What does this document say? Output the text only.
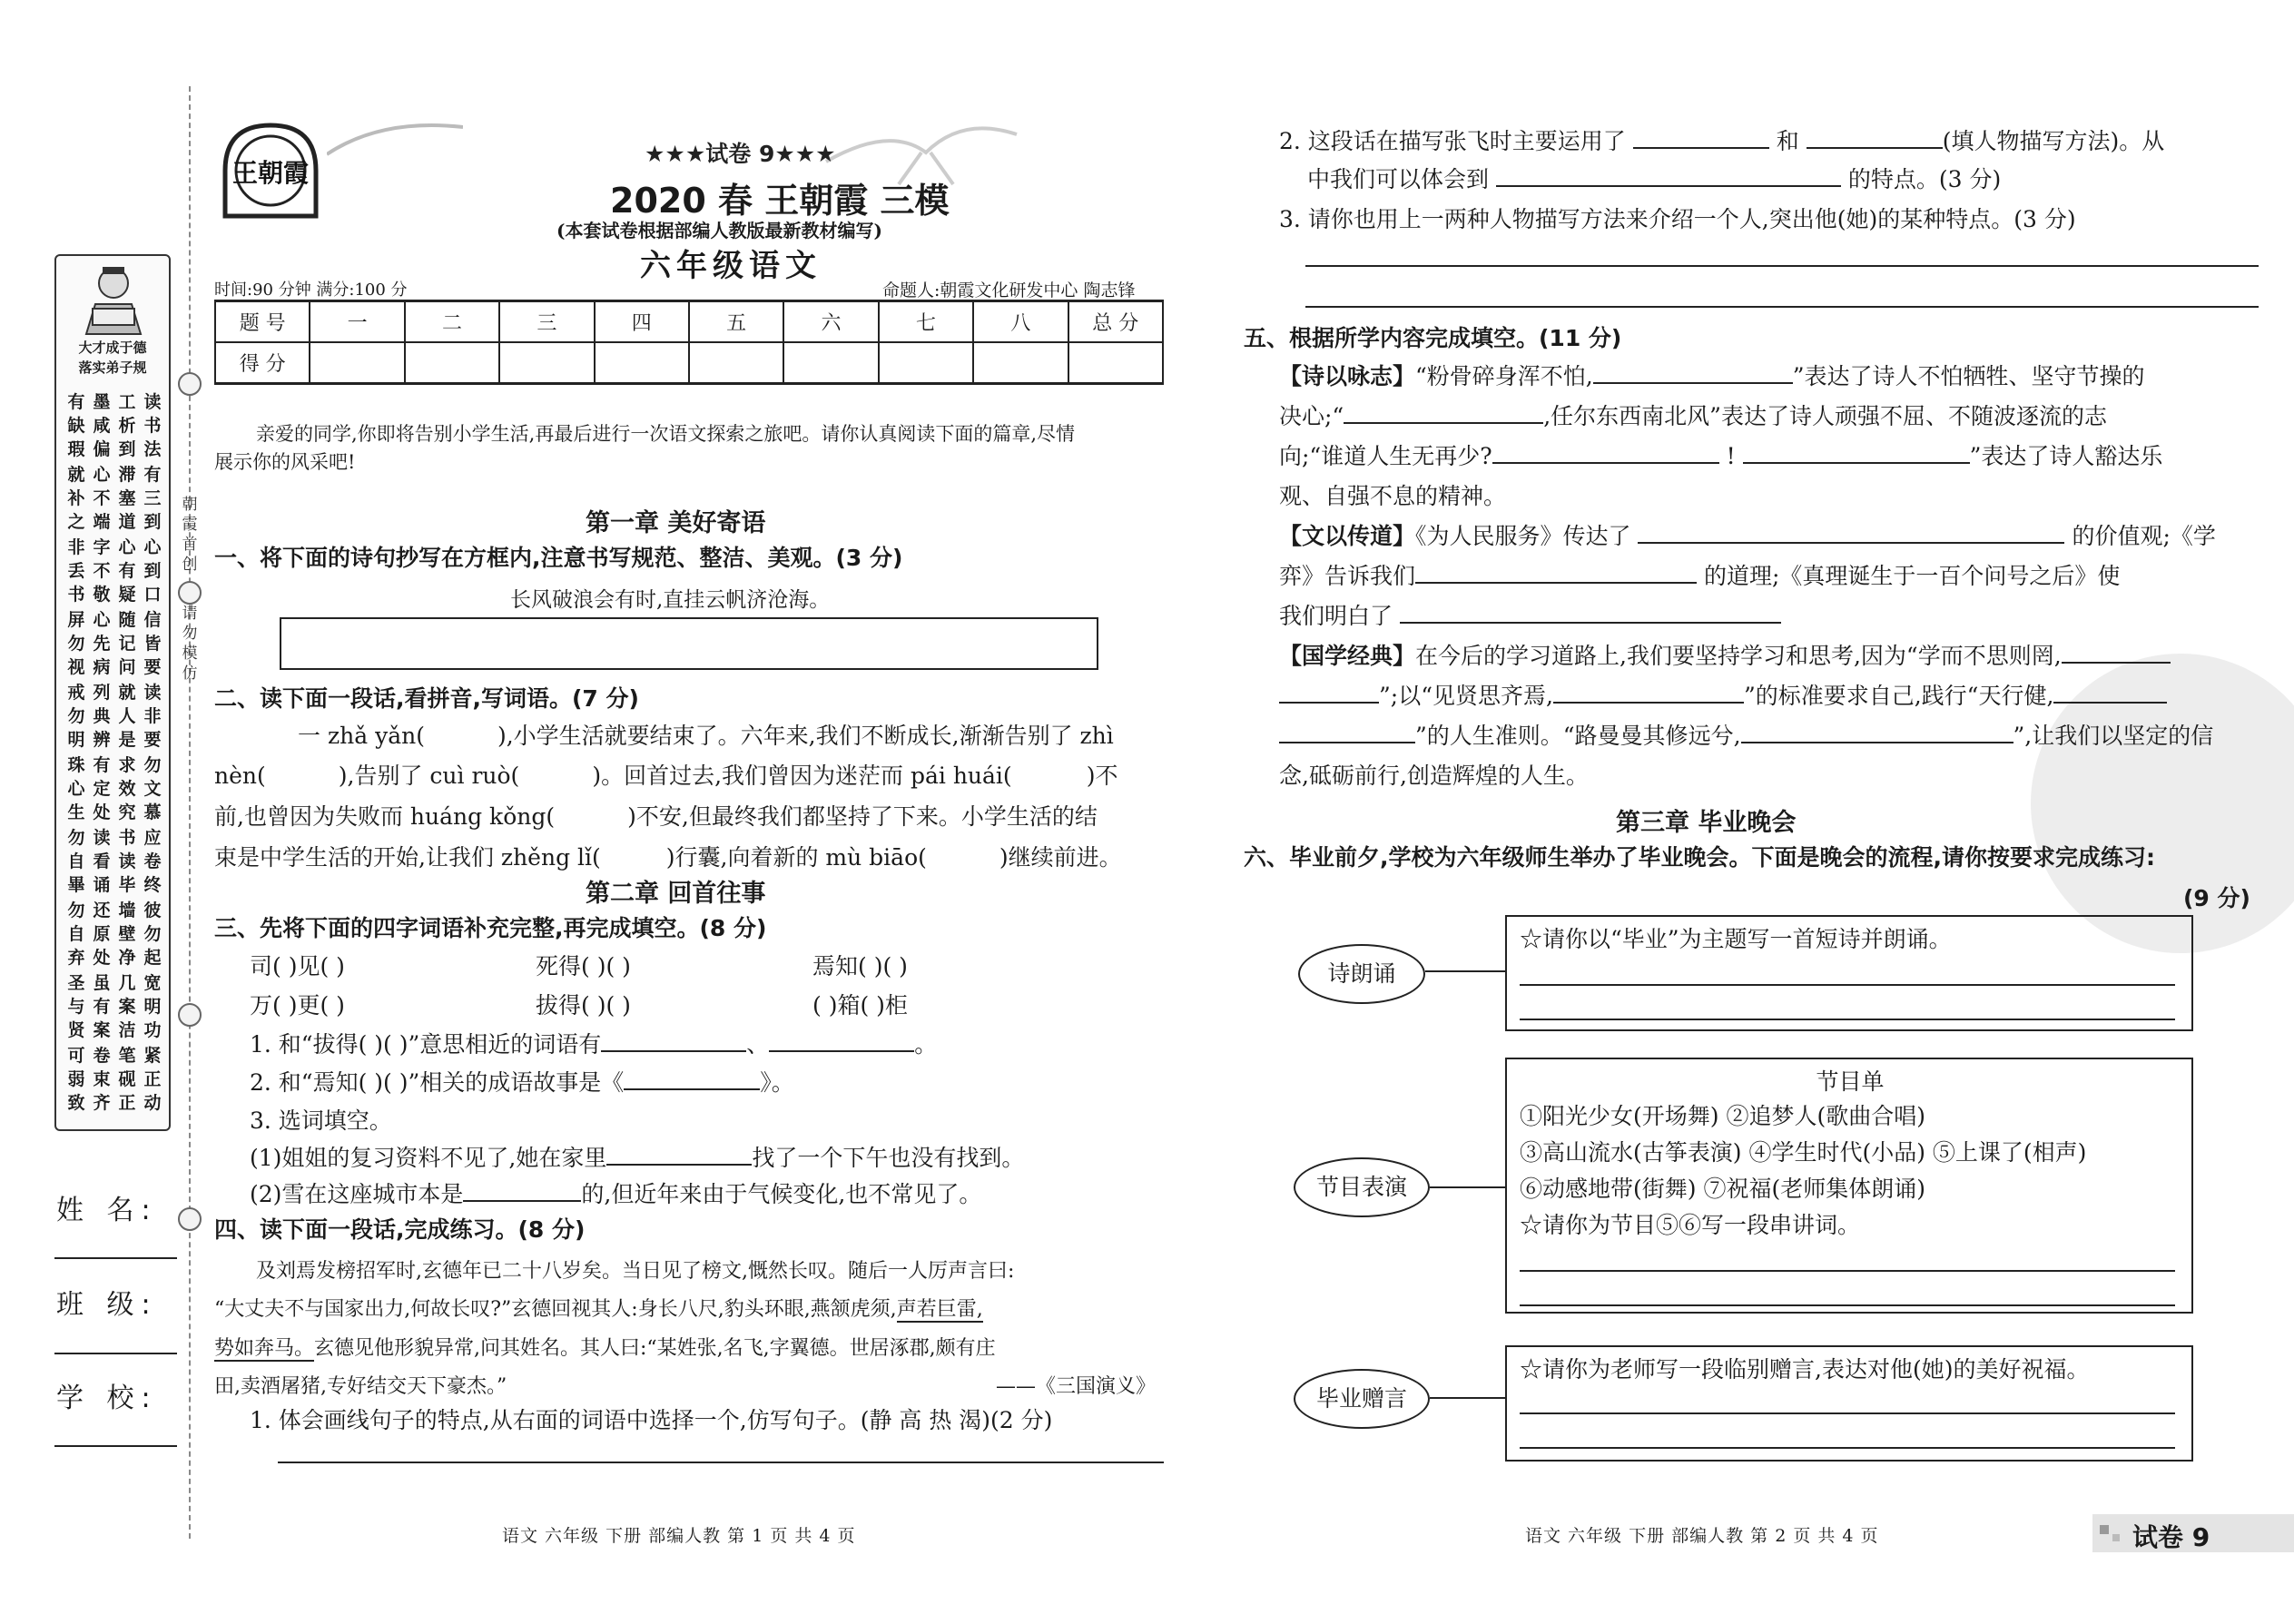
朝霞首创
请勿模仿
大才成于德
落实弟子规
有
缺
瑕
墨
咸
偏
工
析
到
读
书
法
就
补
之
心
不
端
滞
塞
道
有
三
到
非
丢
书
字
不
敬
心
有
疑
心
到
口
屏
勿
视
心
先
病
随
记
问
信
皆
要
戒
勿
明
列
典
辨
就
人
是
读
非
要
珠
心
生
有
定
处
求
效
究
勿
文
慕
勿
自
畢
读
看
诵
书
读
毕
应
卷
终
勿
自
弃
还
原
处
墙
壁
净
彼
勿
起
圣
与
贤
虽
有
案
几
案
洁
宽
明
功
可
弱
致
卷
束
齐
笔
砚
正
紧
正
动
姓 名:
班 级:
学 校:
王朝霞
★★★试卷 9★★★
2020 春 王朝霞 三模
(本套试卷根据部编人教版最新教材编写)
六年级语文
时间:90 分钟 满分:100 分	命题人:朝霞文化研发中心 陶志锋
题 号	一	二	三	四	五	六	七	八	总 分
得 分									
亲爱的同学,你即将告别小学生活,再最后进行一次语文探索之旅吧。请你认真阅读下面的篇章,尽情
展示你的风采吧!
第一章 美好寄语
一、将下面的诗句抄写在方框内,注意书写规范、整洁、美观。(3 分)
长风破浪会有时,直挂云帆济沧海。
二、读下面一段话,看拼音,写词语。(7 分)
一 zhǎ yǎn(	),小学生活就要结束了。六年来,我们不断成长,渐渐告别了 zhì
nèn(	),告别了 cuì ruò(	)。回首过去,我们曾因为迷茫而 pái huái(	)不
前,也曾因为失败而 huáng kǒng(	)不安,但最终我们都坚持了下来。小学生活的结
束是中学生活的开始,让我们 zhěng lǐ(	)行囊,向着新的 mù biāo(	)继续前进。
第二章 回首往事
三、先将下面的四字词语补充完整,再完成填空。(8 分)
司( )见( )	死得( )( )	焉知( )( )
万( )更( )	拔得( )( )	( )箱( )柜
1. 和“拔得( )( )”意思相近的词语有	、	。
2. 和“焉知( )( )”相关的成语故事是《	》。
3. 选词填空。
(1)姐姐的复习资料不见了,她在家里	找了一个下午也没有找到。
(2)雪在这座城市本是	的,但近年来由于气候变化,也不常见了。
四、读下面一段话,完成练习。(8 分)
及刘焉发榜招军时,玄德年已二十八岁矣。当日见了榜文,慨然长叹。随后一人厉声言曰:
“大丈夫不与国家出力,何故长叹?”玄德回视其人:身长八尺,豹头环眼,燕颔虎须,声若巨雷,
势如奔马。玄德见他形貌异常,问其姓名。其人曰:“某姓张,名飞,字翼德。世居涿郡,颇有庄
田,卖酒屠猪,专好结交天下豪杰。”	——《三国演义》
1. 体会画线句子的特点,从右面的词语中选择一个,仿写句子。(静 高 热 渴)(2 分)
语文 六年级 下册 部编人教 第 1 页 共 4 页
2. 这段话在描写张飞时主要运用了	和	(填人物描写方法)。从
中我们可以体会到	的特点。(3 分)
3. 请你也用上一两种人物描写方法来介绍一个人,突出他(她)的某种特点。(3 分)
五、根据所学内容完成填空。(11 分)
【诗以咏志】“粉骨碎身浑不怕,	”表达了诗人不怕牺牲、坚守节操的
决心;“	,任尔东西南北风”表达了诗人顽强不屈、不随波逐流的志
向;“谁道人生无再少?	!	”表达了诗人豁达乐
观、自强不息的精神。
【文以传道】《为人民服务》传达了	的价值观;《学
弈》告诉我们	的道理;《真理诞生于一百个问号之后》使
我们明白了
【国学经典】在今后的学习道路上,我们要坚持学习和思考,因为“学而不思则罔,
”;以“见贤思齐焉,	”的标准要求自己,践行“天行健,
”的人生准则。“路曼曼其修远兮,	”,让我们以坚定的信
念,砥砺前行,创造辉煌的人生。
第三章 毕业晚会
六、毕业前夕,学校为六年级师生举办了毕业晚会。下面是晚会的流程,请你按要求完成练习:
(9 分)
诗朗诵
☆请你以“毕业”为主题写一首短诗并朗诵。
节目表演
节目单
①阳光少女(开场舞) ②追梦人(歌曲合唱)
③高山流水(古筝表演) ④学生时代(小品) ⑤上课了(相声)
⑥动感地带(街舞) ⑦祝福(老师集体朗诵)
☆请你为节目⑤⑥写一段串讲词。
毕业赠言
☆请你为老师写一段临别赠言,表达对他(她)的美好祝福。
语文 六年级 下册 部编人教 第 2 页 共 4 页	试卷 9
